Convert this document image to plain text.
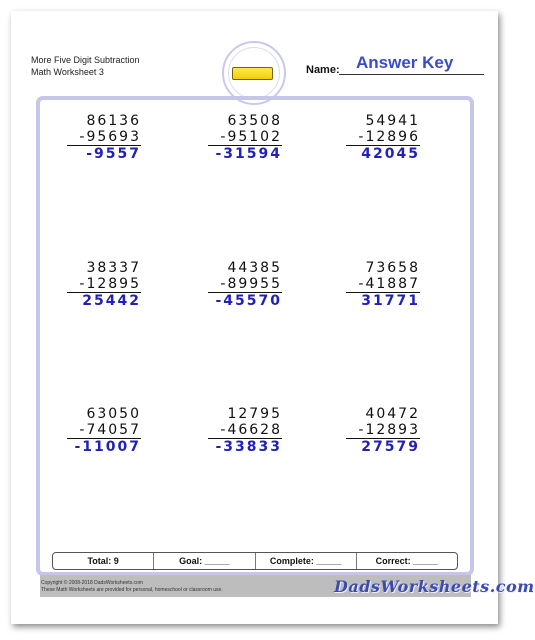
More Five Digit Subtraction
Math Worksheet 3	Answer Key
Name:
86136
-95693
-9557
63508
-95102
-31594
54941
-12896
42045
38337
-12895
25442
44385
-89955
-45570
73658
-41887
31771
63050
-74057
-11007
12795
-46628
-33833
40472
-12893
27579
Total: 9	Goal: _____	Complete: _____	Correct: _____
Copyright © 2008-2018 DadsWorksheets.com
These Math Worksheets are provided for personal, homeschool or classroom use.	DadsWorksheets.com
